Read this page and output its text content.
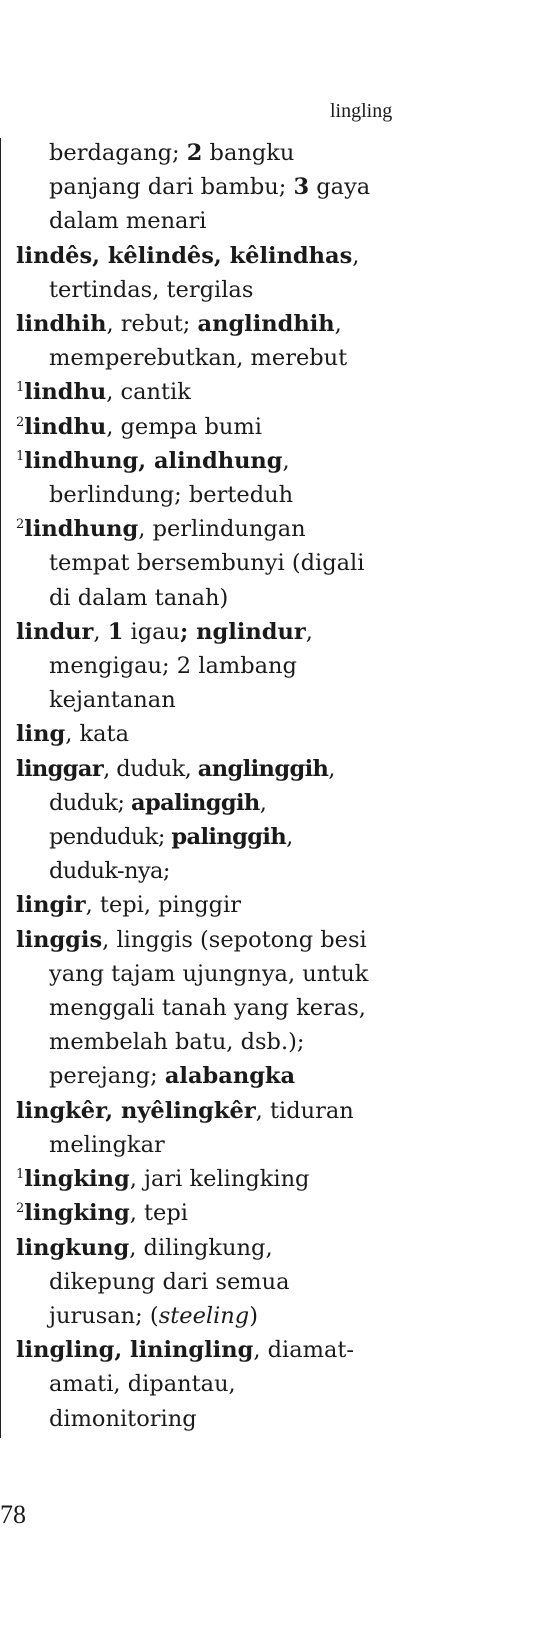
lingling
berdagang; 2 bangku panjang dari bambu; 3 gaya dalam menari
lindês, kêlindês, kêlindhas, tertindas, tergilas
lindhih, rebut; anglindhih, memperebutkan, merebut
$^1$lindhu, cantik
$^2$lindhu, gempa bumi
$^1$lindhung, alindhung, berlindung; berteduh
$^2$lindhung, perlindungan tempat bersembunyi (digali di dalam tanah)
lindur, 1 igau; nglindur, mengigau; 2 lambang kejantanan
ling, kata
linggar, duduk, anglinggih, duduk; apalinggih, penduduk; palinggih, duduk-nya;
lingir, tepi, pinggir
linggis, linggis (sepotong besi yang tajam ujungnya, untuk menggali tanah yang keras, membelah batu, dsb.); perejang; alabangka
lingkêr, nyêlingkêr, tiduran melingkar
$^1$lingking, jari kelingking
$^2$lingking, tepi
lingkung, dilingkung, dikepung dari semua jurusan; (steeling)
lingling, liningling, diamat-amati, dipantau, dimonitoring
78
